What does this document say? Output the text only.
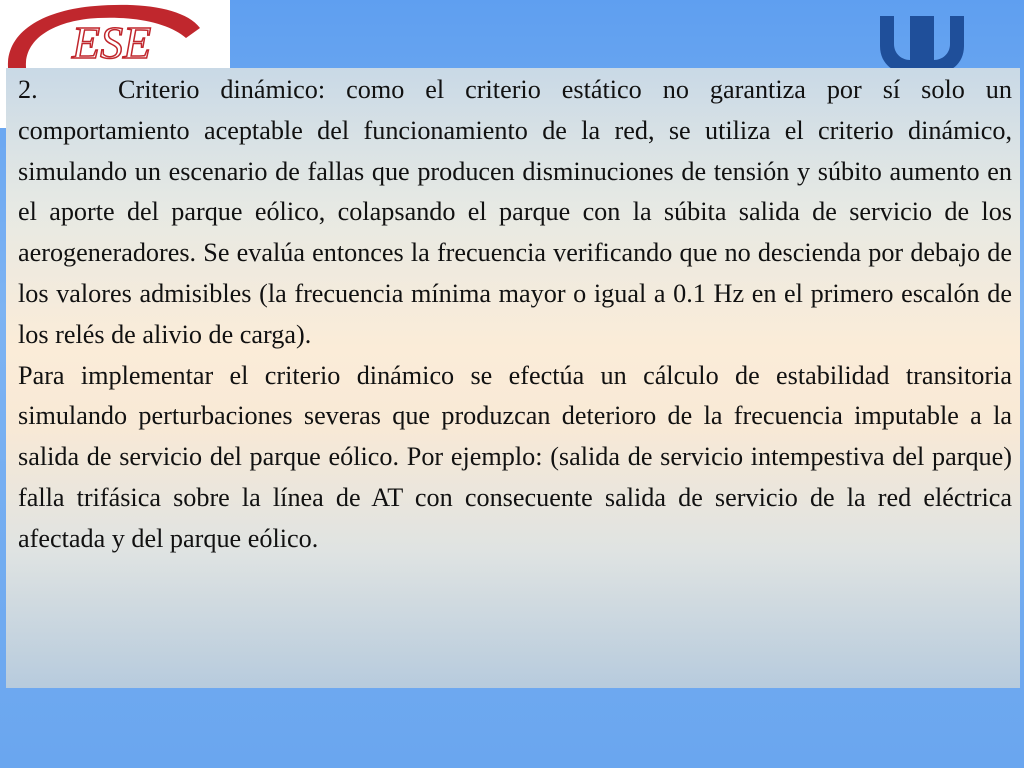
ESE

2.	Criterio dinámico: como el criterio estático no garantiza por sí solo un comportamiento aceptable del funcionamiento de la red, se utiliza el criterio dinámico, simulando un escenario de fallas que producen disminuciones de tensión y súbito aumento en el aporte del parque eólico, colapsando el parque con la súbita salida de servicio de los aerogeneradores. Se evalúa entonces la frecuencia verificando que no descienda por debajo de los valores admisibles (la frecuencia mínima mayor o igual a 0.1 Hz en el primero escalón de los relés de alivio de carga).

Para implementar el criterio dinámico se efectúa un cálculo de estabilidad transitoria simulando perturbaciones severas que produzcan deterioro de la frecuencia imputable a la salida de servicio del parque eólico. Por ejemplo: (salida de servicio intempestiva del parque) falla trifásica sobre la línea de AT con consecuente salida de servicio de la red eléctrica afectada y del parque eólico.
